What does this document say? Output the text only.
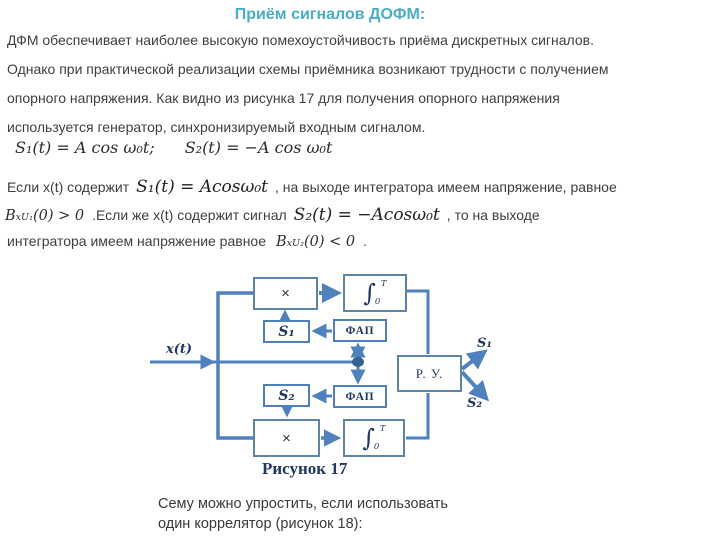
Приём сигналов ДОФМ:
ДФМ обеспечивает наиболее высокую помехоустойчивость приёма дискретных сигналов.
Однако при практической реализации схемы приёмника возникают трудности с получением
опорного напряжения. Как видно из рисунка 17 для получения опорного напряжения
используется генератор, синхронизируемый входным сигналом.
S₁(t) = A cos ω₀t; S₂(t) = −A cos ω₀t
Если x(t) содержит S₁(t) = Acosω₀t , на выходе интегратора имеем напряжение, равное
$B_{xU_1}(0) > 0$ .Если же x(t) содержит сигнал S₂(t) = −Acosω₀t , то на выходе
интегратора имеем напряжение равное $B_{xU_2}(0) < 0$ .
×	∫ T
0
S₁	ФАП
S₂	ФАП
×	∫ T
0
Р. У.
x(t)	S₁
S₂
Рисунок 17
Сему можно упростить, если использовать
один коррелятор (рисунок 18):
